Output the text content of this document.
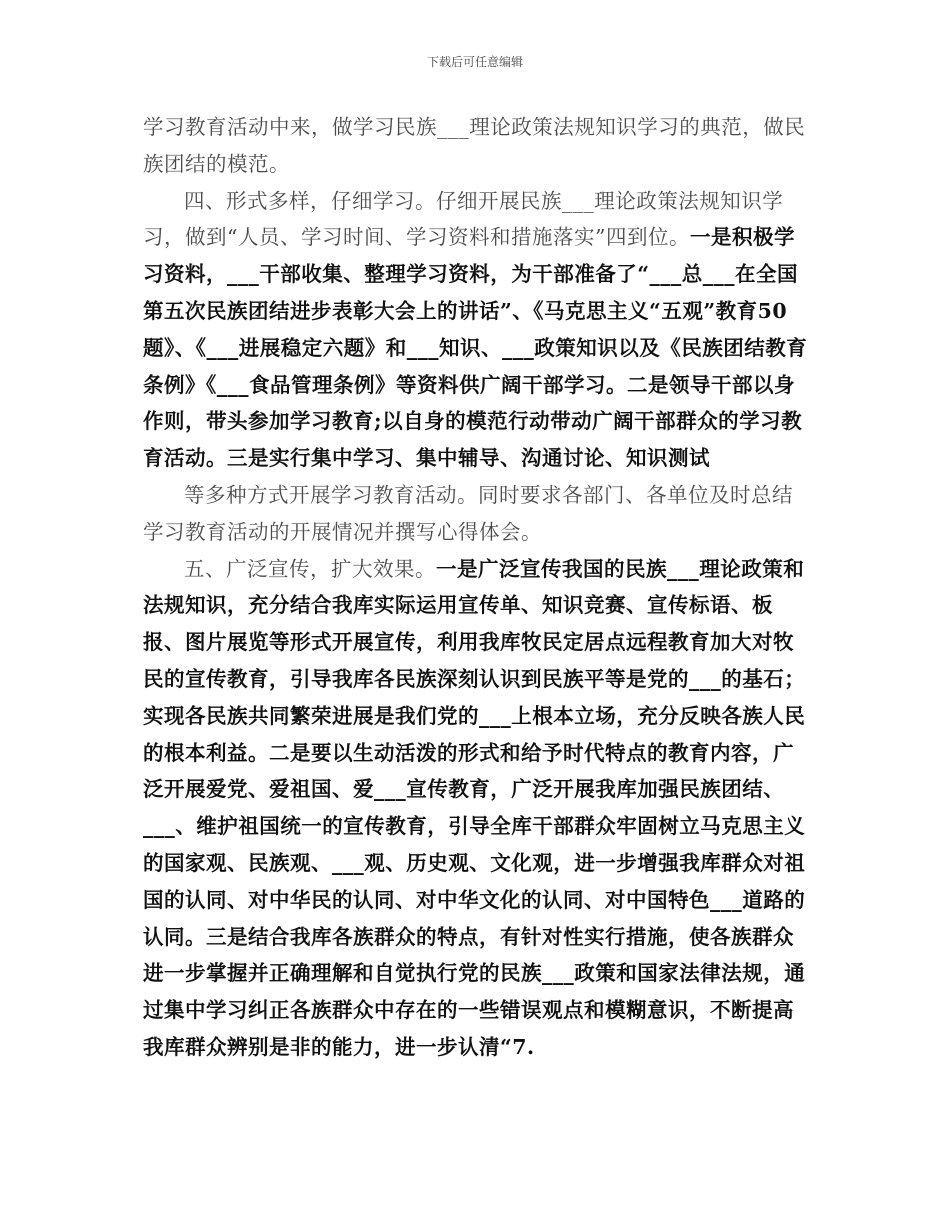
下载后可任意编辑

学习教育活动中来，做学习民族___理论政策法规知识学习的典范，做民族团结的模范。

四、形式多样，仔细学习。仔细开展民族___理论政策法规知识学习，做到“人员、学习时间、学习资料和措施落实”四到位。一是积极学习资料，___干部收集、整理学习资料，为干部准备了“___总___在全国第五次民族团结进步表彰大会上的讲话”、《马克思主义“五观”教育50题》、《___进展稳定六题》和___知识、___政策知识以及《民族团结教育条例》《___食品管理条例》等资料供广阔干部学习。二是领导干部以身作则，带头参加学习教育;以自身的模范行动带动广阔干部群众的学习教育活动。三是实行集中学习、集中辅导、沟通讨论、知识测试

等多种方式开展学习教育活动。同时要求各部门、各单位及时总结学习教育活动的开展情况并撰写心得体会。

五、广泛宣传，扩大效果。一是广泛宣传我国的民族___理论政策和法规知识，充分结合我库实际运用宣传单、知识竞赛、宣传标语、板报、图片展览等形式开展宣传，利用我库牧民定居点远程教育加大对牧民的宣传教育，引导我库各民族深刻认识到民族平等是党的___的基石；实现各民族共同繁荣进展是我们党的___上根本立场，充分反映各族人民的根本利益。二是要以生动活泼的形式和给予时代特点的教育内容，广泛开展爱党、爱祖国、爱___宣传教育，广泛开展我库加强民族团结、___、维护祖国统一的宣传教育，引导全库干部群众牢固树立马克思主义的国家观、民族观、___观、历史观、文化观，进一步增强我库群众对祖国的认同、对中华民的认同、对中华文化的认同、对中国特色___道路的认同。三是结合我库各族群众的特点，有针对性实行措施，使各族群众进一步掌握并正确理解和自觉执行党的民族___政策和国家法律法规，通过集中学习纠正各族群众中存在的一些错误观点和模糊意识，不断提高我库群众辨别是非的能力，进一步认清“7.
